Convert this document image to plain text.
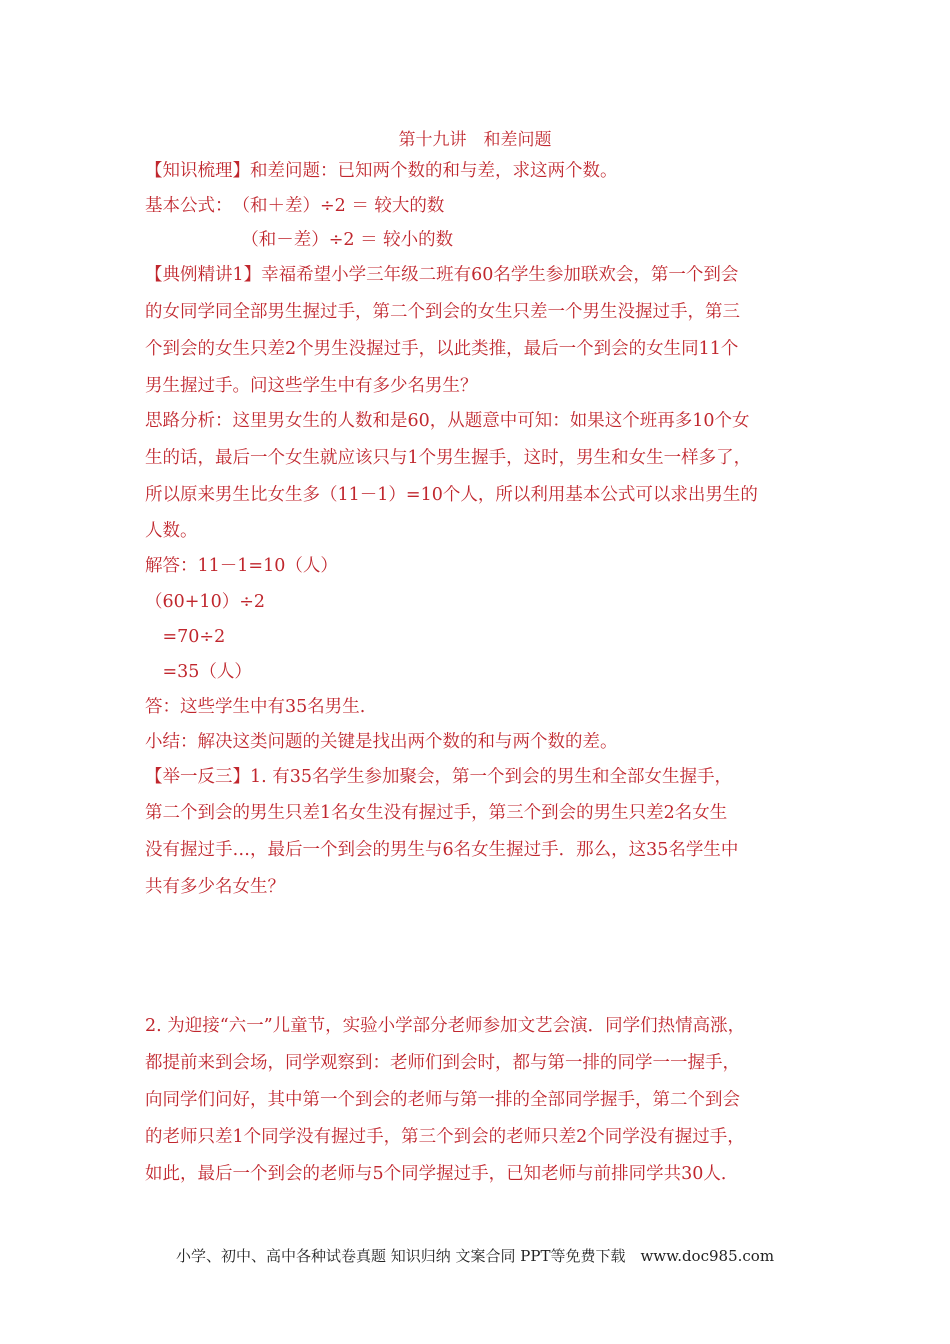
第十九讲　和差问题
【知识梳理】和差问题：已知两个数的和与差，求这两个数。
基本公式：　（和＋差）÷2 ＝ 较大的数
　　　　　　（和－差）÷2 ＝ 较小的数
【典例精讲1】幸福希望小学三年级二班有60名学生参加联欢会，第一个到会
的女同学同全部男生握过手，第二个到会的女生只差一个男生没握过手，第三
个到会的女生只差2个男生没握过手，以此类推，最后一个到会的女生同11个
男生握过手。问这些学生中有多少名男生？
思路分析：这里男女生的人数和是60，从题意中可知：如果这个班再多10个女
生的话，最后一个女生就应该只与1个男生握手，这时，男生和女生一样多了，
所以原来男生比女生多（11－1）=10个人，所以利用基本公式可以求出男生的
人数。
解答：11－1=10（人）
（60+10）÷2
　=70÷2
　=35（人）
答：这些学生中有35名男生.
小结：解决这类问题的关键是找出两个数的和与两个数的差。
【举一反三】1. 有35名学生参加聚会，第一个到会的男生和全部女生握手，
第二个到会的男生只差1名女生没有握过手，第三个到会的男生只差2名女生
没有握过手…，最后一个到会的男生与6名女生握过手．那么，这35名学生中
共有多少名女生？
2. 为迎接“六一”儿童节，实验小学部分老师参加文艺会演．同学们热情高涨，
都提前来到会场，同学观察到：老师们到会时，都与第一排的同学一一握手，
向同学们问好，其中第一个到会的老师与第一排的全部同学握手，第二个到会
的老师只差1个同学没有握过手，第三个到会的老师只差2个同学没有握过手，
如此，最后一个到会的老师与5个同学握过手，已知老师与前排同学共30人．
小学、初中、高中各种试卷真题 知识归纳 文案合同 PPT等免费下载　www.doc985.com
